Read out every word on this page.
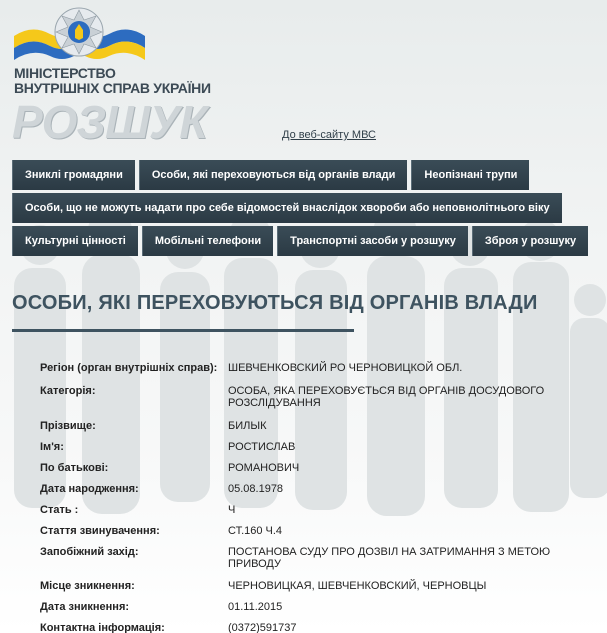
МІНІСТЕРСТВО
ВНУТРІШНІХ СПРАВ УКРАЇНИ
РОЗШУК	До веб-сайту МВС
Зниклі громадяни	Особи, які переховуються від органів влади	Неопізнані трупи
Особи, що не можуть надати про себе відомостей внаслідок хвороби або неповнолітнього віку
Культурні цінності	Мобільні телефони	Транспортні засоби у розшуку	Зброя у розшуку
ОСОБИ, ЯКІ ПЕРЕХОВУЮТЬСЯ ВІД ОРГАНІВ ВЛАДИ
Регіон (орган внутрішніх справ): ШЕВЧЕНКОВСКИЙ РО ЧЕРНОВИЦКОЙ ОБЛ.
Категорія:	ОСОБА, ЯКА ПЕРЕХОВУЄТЬСЯ ВІД ОРГАНІВ ДОСУДОВОГО РОЗСЛІДУВАННЯ
Прізвище:	БИЛЫК
Ім'я:	РОСТИСЛАВ
По батькові:	РОМАНОВИЧ
Дата народження:	05.08.1978
Стать :	Ч
Стаття звинувачення:	СТ.160 Ч.4
Запобіжний захід:	ПОСТАНОВА СУДУ ПРО ДОЗВІЛ НА ЗАТРИМАННЯ З МЕТОЮ ПРИВОДУ
Місце зникнення:	ЧЕРНОВИЦКАЯ, ШЕВЧЕНКОВСКИЙ, ЧЕРНОВЦЫ
Дата зникнення:	01.11.2015
Контактна інформація:	(0372)591737
